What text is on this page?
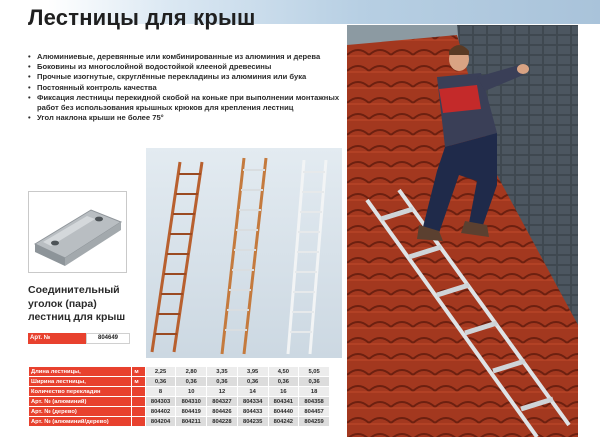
Лестницы для крыш
• Алюминиевые, деревянные или комбинированные из алюминия и дерева
• Боковины из многослойной водостойкой клееной древесины
• Прочные изогнутые, скруглённые перекладины из алюминия или бука
• Постоянный контроль качества
• Фиксация лестницы перекидной скобой на коньке при выполнении монтажных работ без использования крышных крюков для крепления лестниц
• Угол наклона крыши не более 75°
Соединительный уголок (пара) лестниц для крыш
Арт. №	804649
Длина лестницы,	м	2,25	2,80	3,35	3,95	4,50	5,05
Ширина лестницы,	м	0,36	0,36	0,36	0,36	0,36	0,36
Количество перекладин		8	10	12	14	16	18
Арт. № (алюминий)		804303	804310	804327	804334	804341	804358
Арт. № (дерево)		804402	804419	804426	804433	804440	804457
Арт. № (алюминий/дерево)		804204	804211	804228	804235	804242	804259
